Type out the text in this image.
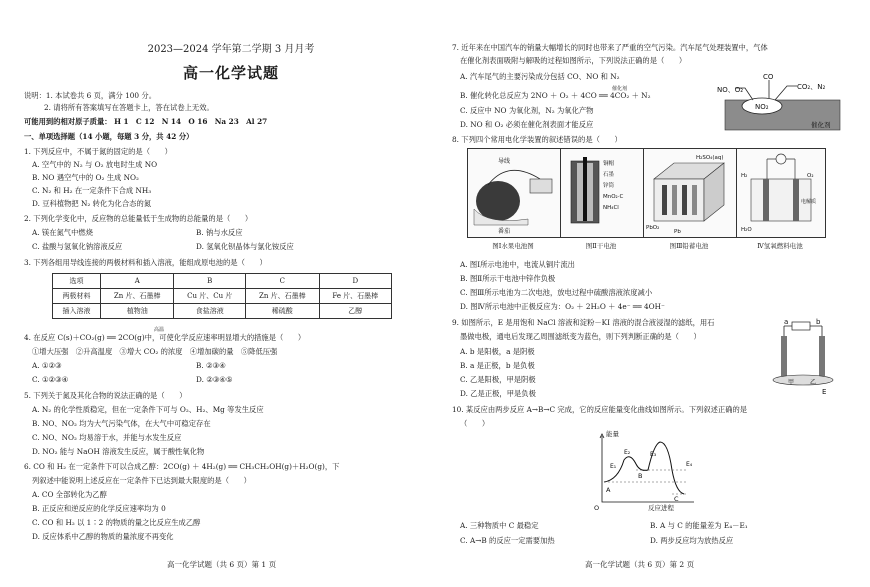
2023—2024 学年第二学期 3 月月考
高一化学试题
说明：1. 本试卷共 6 页，满分 100 分。
2. 请将所有答案填写在答题卡上，答在试卷上无效。
可能用到的相对原子质量： H 1　C 12　N 14　O 16　Na 23　Al 27
一、单项选择题（14 小题，每题 3 分，共 42 分）
1. 下列反应中，不属于氮的固定的是（　　）
A. 空气中的 N₂ 与 O₂ 放电时生成 NO
B. NO 遇空气中的 O₂ 生成 NO₂
C. N₂ 和 H₂ 在一定条件下合成 NH₃
D. 豆科植物把 N₂ 转化为化合态的氮
2. 下列化学变化中，反应物的总能量低于生成物的总能量的是（　　）
A. 镁在氮气中燃烧	B. 钠与水反应
C. 盐酸与氢氧化钠溶液反应	D. 氢氧化钡晶体与氯化铵反应
3. 下列各组用导线连接的两极材料和插入溶液，能组成原电池的是（　　）
选项	A	B	C	D
两极材料	Zn 片、石墨棒	Cu 片、Cu 片	Zn 片、石墨棒	Fe 片、石墨棒
插入溶液	植物油	食盐溶液	稀硫酸	乙醇
4. 在反应 C(s)＋CO₂(g) ══ 2CO(g)中，可使化学反应速率明显增大的措施是（　　）
高温
①增大压强　②升高温度　③增大 CO₂ 的浓度　④增加碳的量　⑤降低压强
A. ①②③	B. ②③④
C. ①②③④	D. ②③④⑤
5. 下列关于氮及其化合物的说法正确的是（　　）
A. N₂ 的化学性质稳定，但在一定条件下可与 O₂、H₂、Mg 等发生反应
B. NO、NO₂ 均为大气污染气体，在大气中可稳定存在
C. NO、NO₂ 均易溶于水，并能与水发生反应
D. NO₂ 能与 NaOH 溶液发生反应，属于酸性氧化物
6. CO 和 H₂ 在一定条件下可以合成乙醇：2CO(g) ＋ 4H₂(g) ══ CH₃CH₂OH(g)＋H₂O(g)，下
列叙述中能说明上述反应在一定条件下已达到最大限度的是（　　）
A. CO 全部转化为乙醇
B. 正反应和逆反应的化学反应速率均为 0
C. CO 和 H₂ 以 1∶2 的物质的量之比反应生成乙醇
D. 反应体系中乙醇的物质的量浓度不再变化
高一化学试题（共 6 页）第 1 页
7. 近年来在中国汽车的销量大幅增长的同时也带来了严重的空气污染。汽车尾气处理装置中，气体
在催化剂表面吸附与解吸的过程如图所示，下列说法正确的是（　　）
A. 汽车尾气的主要污染成分包括 CO、NO 和 N₂
B. 催化转化总反应为 2NO ＋ O₂ ＋ 4CO ══ 4CO₂ ＋ N₂
催化剂
C. 反应中 NO 为氧化剂，N₂ 为氧化产物
D. NO 和 O₂ 必须在催化剂表面才能反应
NO、O₂
CO
CO₂、N₂
NO₂
催化剂
8. 下列四个常用电化学装置的叙述错误的是（　　）
导线
番茄
铜帽
石墨
锌筒
MnO₂·C
NH₄Cl
H₂SO₄(aq)
PbO₂
Pb
H₂	O₂
H₂O
电解质
图Ⅰ水果电池图	图Ⅱ干电池	图Ⅲ铅蓄电池	Ⅳ氢氧燃料电池
A. 图Ⅰ所示电池中，电流从铜片流出
B. 图Ⅱ所示干电池中锌作负极
C. 图Ⅲ所示电池为二次电池，放电过程中硫酸溶液浓度减小
D. 图Ⅳ所示电池中正极反应为：O₂ ＋ 2H₂O ＋ 4e⁻ ══ 4OH⁻
9. 如图所示，E 是用饱和 NaCl 溶液和淀粉－KI 溶液的混合液浸湿的滤纸，用石
墨做电极，通电后发现乙周围滤纸变为蓝色，则下列判断正确的是（　　）
A. b 是阳极，a 是阴极
B. a 是正极，b 是负极
C. 乙是阳极，甲是阴极
D. 乙是正极，甲是负极
a	b
甲	乙
E
10. 某反应由两步反应 A→B→C 完成，它的反应能量变化曲线如图所示。下列叙述正确的是
（　　）
能量
反应进程
O
A
B
C
E₁
E₂	E₃
E₄
A. 三种物质中 C 最稳定	B. A 与 C 的能量差为 E₄－E₁
C. A→B 的反应一定需要加热	D. 两步反应均为放热反应
高一化学试题（共 6 页）第 2 页
